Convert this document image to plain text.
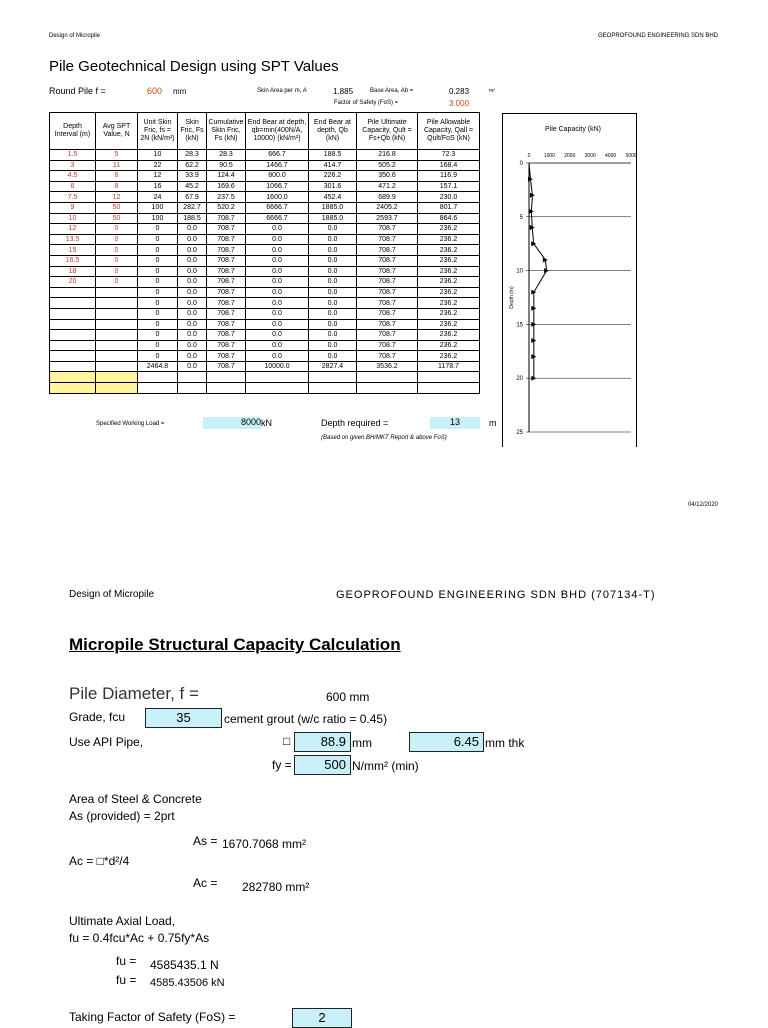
Design of Micropile	GEOPROFOUND ENGINEERING SDN BHD
Pile Geotechnical Design using SPT Values
Round Pile f =	600 mm	Skin Area per m, A	1.885	Base Area, Ab =	0.283	m²
Factor of Safety (FoS) =	3.000
Depth Interval (m)	Avg SPT Value, N	Unit Skin Fric, fs = 2N (kN/m²)	Skin Fric, Fs (kN)	Cumulative Skin Fric, Fs (kN)	End Bear at depth, qb=min(400N/A, 10000) (kN/m²)	End Bear at depth, Qb (kN)	Pile Ultimate Capacity, Qult = Fs+Qb (kN)	Pile Allowable Capacity, Qall = Qult/FoS (kN)
1.5	5	10	28.3	28.3	666.7	188.5	216.8	72.3
3	11	22	62.2	90.5	1466.7	414.7	505.2	168.4
4.5	6	12	33.9	124.4	800.0	226.2	350.6	116.9
6	8	16	45.2	169.6	1066.7	301.6	471.2	157.1
7.5	12	24	67.9	237.5	1600.0	452.4	689.9	230.0
9	50	100	282.7	520.2	6666.7	1885.0	2405.2	801.7
10	50	100	188.5	708.7	6666.7	1885.0	2593.7	864.6
12	0	0	0.0	708.7	0.0	0.0	708.7	236.2
13.5	0	0	0.0	708.7	0.0	0.0	708.7	236.2
15	0	0	0.0	708.7	0.0	0.0	708.7	236.2
16.5	0	0	0.0	708.7	0.0	0.0	708.7	236.2
18	0	0	0.0	708.7	0.0	0.0	708.7	236.2
20	0	0	0.0	708.7	0.0	0.0	708.7	236.2
		0	0.0	708.7	0.0	0.0	708.7	236.2
		0	0.0	708.7	0.0	0.0	708.7	236.2
		0	0.0	708.7	0.0	0.0	708.7	236.2
		0	0.0	708.7	0.0	0.0	708.7	236.2
		0	0.0	708.7	0.0	0.0	708.7	236.2
		0	0.0	708.7	0.0	0.0	708.7	236.2
		0	0.0	708.7	0.0	0.0	708.7	236.2
		2464.8	0.0	708.7	10000.0	2827.4	3536.2	1178.7

Pile Capacity (kN)
0	1000 2000 3000 4000 5000
0
5
10
15
20
25
Depth (m)
Specified Working Load =	8000 kN	Depth required =	13	m
(Based on given BH/MKT Report & above FoS)
04/12/2020
Design of Micropile	GEOPROFOUND ENGINEERING SDN BHD (707134-T)
Micropile Structural Capacity Calculation
Pile Diameter, f =	600 mm
Grade, fcu	35	cement grout (w/c ratio = 0.45)
Use API Pipe,	□	88.9 mm	6.45 mm thk
fy =	500 N/mm² (min)
Area of Steel & Concrete
As (provided) = 2prt
As = 1670.7068 mm²
Ac = □*d²/4
Ac = 282780 mm²
Ultimate Axial Load,
fu = 0.4fcu*Ac + 0.75fy*As
fu = 4585435.1 N
fu = 4585.43506 kN
Taking Factor of Safety (FoS) =	2
